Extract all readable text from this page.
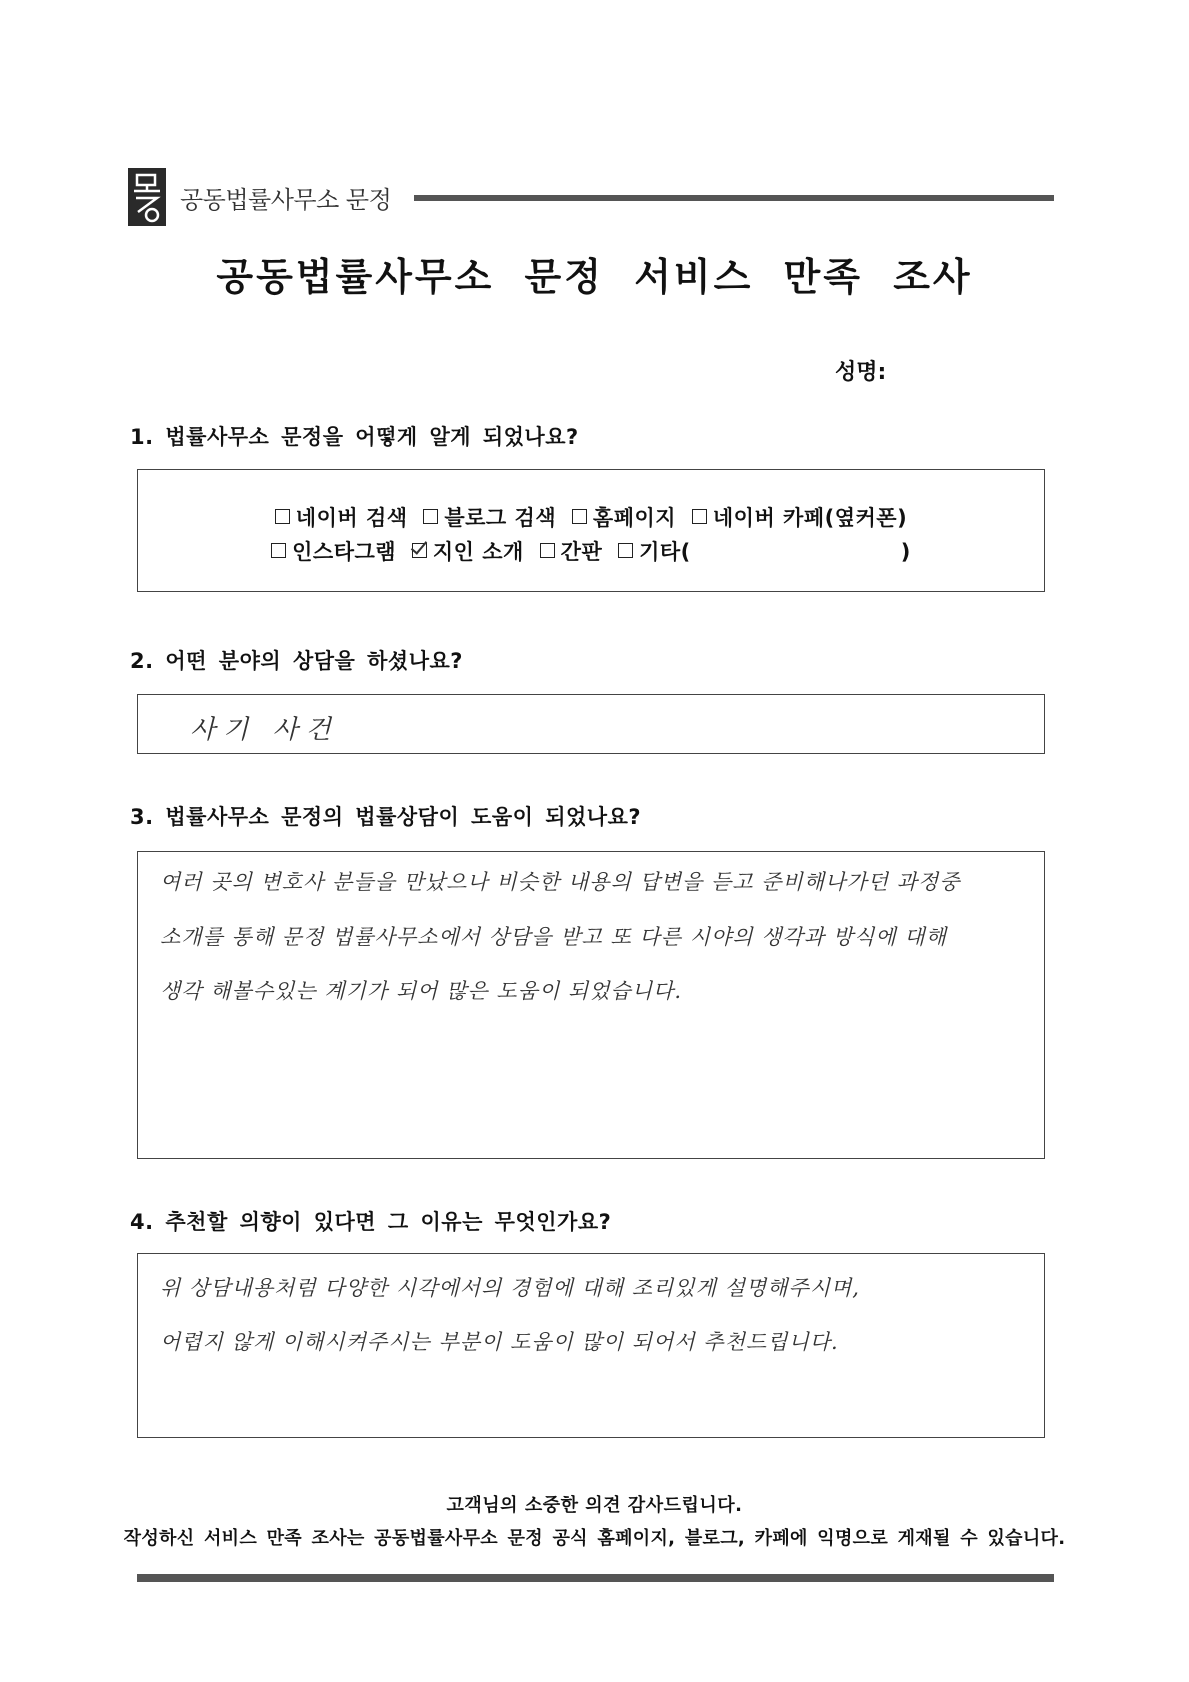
공동법률사무소 문정
공동법률사무소 문정 서비스 만족 조사
성명:
1. 법률사무소 문정을 어떻게 알게 되었나요?
네이버 검색 블로그 검색 홈페이지 네이버 카페(옆커폰)
인스타그램 지인 소개 간판 기타(	)
2. 어떤 분야의 상담을 하셨나요?
사기 사건
3. 법률사무소 문정의 법률상담이 도움이 되었나요?
여러 곳의 변호사 분들을 만났으나 비슷한 내용의 답변을 듣고 준비해나가던 과정중
소개를 통해 문정 법률사무소에서 상담을 받고 또 다른 시야의 생각과 방식에 대해
생각 해볼수있는 계기가 되어 많은 도움이 되었습니다.
4. 추천할 의향이 있다면 그 이유는 무엇인가요?
위 상담내용처럼 다양한 시각에서의 경험에 대해 조리있게 설명해주시며,
어렵지 않게 이해시켜주시는 부분이 도움이 많이 되어서 추천드립니다.
고객님의 소중한 의견 감사드립니다.
작성하신 서비스 만족 조사는 공동법률사무소 문정 공식 홈페이지, 블로그, 카페에 익명으로 게재될 수 있습니다.
